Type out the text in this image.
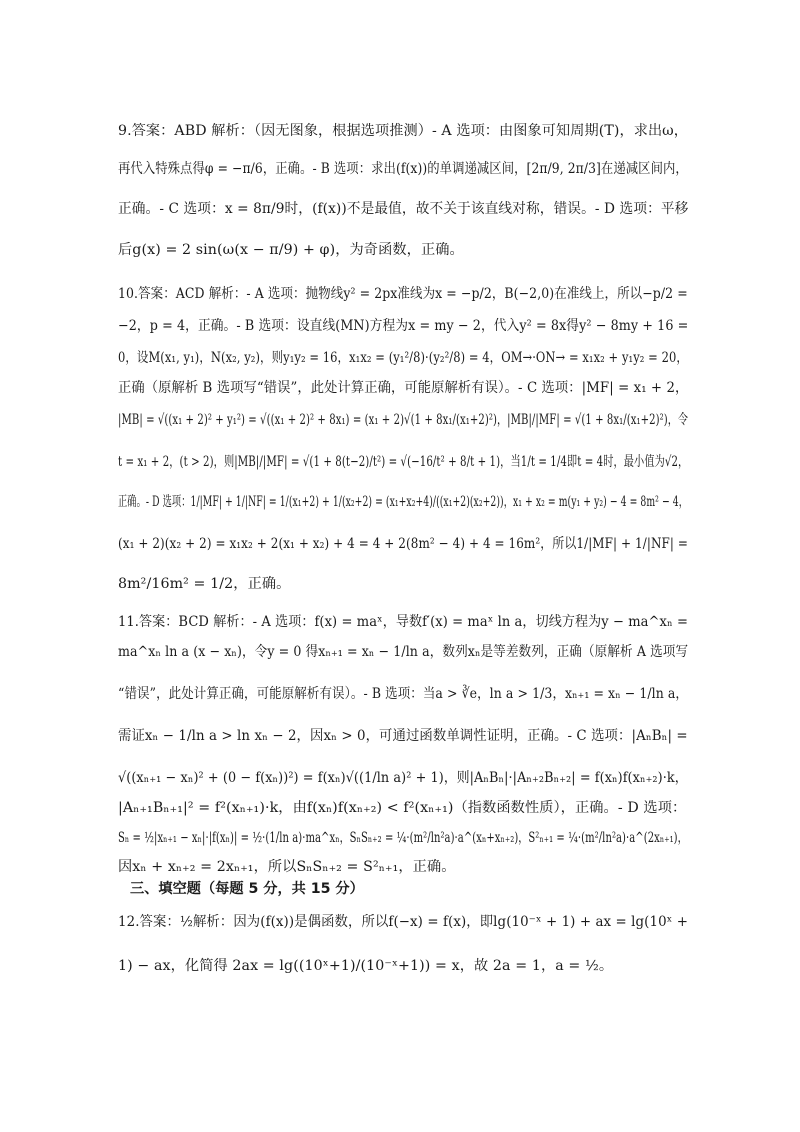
9.答案：ABD 解析：（因无图象，根据选项推测）- A 选项：由图象可知周期(T)，求出ω，
再代入特殊点得φ = −π/6，正确。- B 选项：求出(f(x))的单调递减区间，[2π/9, 2π/3]在递减区间内，
正确。- C 选项：x = 8π/9时，(f(x))不是最值，故不关于该直线对称，错误。- D 选项：平移
后g(x) = 2 sin(ω(x − π/9) + φ)，为奇函数，正确。
10.答案：ACD 解析：- A 选项：抛物线y² = 2px准线为x = −p/2，B(−2,0)在准线上，所以−p/2 =
−2，p = 4，正确。- B 选项：设直线(MN)方程为x = my − 2，代入y² = 8x得y² − 8my + 16 =
0，设M(x₁, y₁)，N(x₂, y₂)，则y₁y₂ = 16，x₁x₂ = (y₁²/8)·(y₂²/8) = 4，OM→·ON→ = x₁x₂ + y₁y₂ = 20，
正确（原解析 B 选项写“错误”，此处计算正确，可能原解析有误）。- C 选项：|MF| = x₁ + 2，
|MB| = √((x₁ + 2)² + y₁²) = √((x₁ + 2)² + 8x₁) = (x₁ + 2)√(1 + 8x₁/(x₁+2)²)，|MB|/|MF| = √(1 + 8x₁/(x₁+2)²)，令
t = x₁ + 2，(t > 2)，则|MB|/|MF| = √(1 + 8(t−2)/t²) = √(−16/t² + 8/t + 1)，当1/t = 1/4即t = 4时，最小值为√2，
正确。- D 选项：1/|MF| + 1/|NF| = 1/(x₁+2) + 1/(x₂+2) = (x₁+x₂+4)/((x₁+2)(x₂+2))，x₁ + x₂ = m(y₁ + y₂) − 4 = 8m² − 4，
(x₁ + 2)(x₂ + 2) = x₁x₂ + 2(x₁ + x₂) + 4 = 4 + 2(8m² − 4) + 4 = 16m²，所以1/|MF| + 1/|NF| =
8m²/16m² = 1/2，正确。
11.答案：BCD 解析：- A 选项：f(x) = maˣ，导数f′(x) = maˣ ln a，切线方程为y − ma^xₙ =
ma^xₙ ln a (x − xₙ)，令y = 0 得xₙ₊₁ = xₙ − 1/ln a，数列xₙ是等差数列，正确（原解析 A 选项写
“错误”，此处计算正确，可能原解析有误）。- B 选项：当a > ∛e，ln a > 1/3，xₙ₊₁ = xₙ − 1/ln a，
需证xₙ − 1/ln a > ln xₙ − 2，因xₙ > 0，可通过函数单调性证明，正确。- C 选项：|AₙBₙ| =
√((xₙ₊₁ − xₙ)² + (0 − f(xₙ))²) = f(xₙ)√((1/ln a)² + 1)，则|AₙBₙ|·|Aₙ₊₂Bₙ₊₂| = f(xₙ)f(xₙ₊₂)·k，
|Aₙ₊₁Bₙ₊₁|² = f²(xₙ₊₁)·k，由f(xₙ)f(xₙ₊₂) < f²(xₙ₊₁)（指数函数性质），正确。- D 选项：
Sₙ = ½|xₙ₊₁ − xₙ|·|f(xₙ)| = ½·(1/ln a)·ma^xₙ，SₙSₙ₊₂ = ¼·(m²/ln²a)·a^(xₙ+xₙ₊₂)，S²ₙ₊₁ = ¼·(m²/ln²a)·a^(2xₙ₊₁)，
因xₙ + xₙ₊₂ = 2xₙ₊₁，所以SₙSₙ₊₂ = S²ₙ₊₁，正确。
三、填空题（每题 5 分，共 15 分）
12.答案：½解析：因为(f(x))是偶函数，所以f(−x) = f(x)，即lg(10⁻ˣ + 1) + ax = lg(10ˣ +
1) − ax，化简得 2ax = lg((10ˣ+1)/(10⁻ˣ+1)) = x，故 2a = 1，a = ½。
